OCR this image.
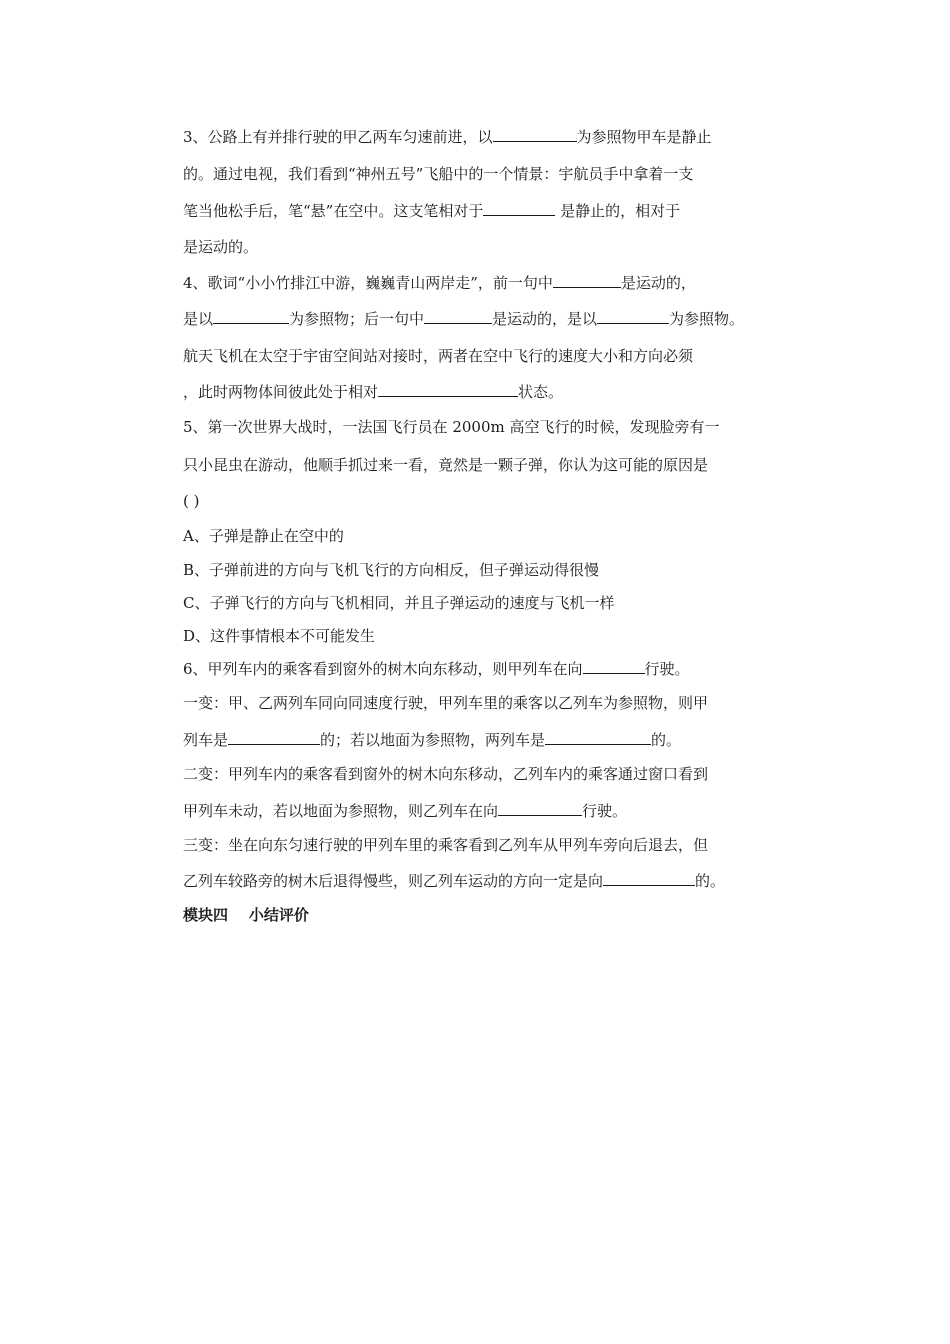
3、公路上有并排行驶的甲乙两车匀速前进，以	为参照物甲车是静止
的。通过电视，我们看到“神州五号”飞船中的一个情景：宇航员手中拿着一支
笔当他松手后，笔“悬”在空中。这支笔相对于	是静止的，相对于
是运动的。
4、歌词“小小竹排江中游，巍巍青山两岸走”，前一句中	是运动的，
是以	为参照物；后一句中	是运动的，是以	为参照物。
航天飞机在太空于宇宙空间站对接时，两者在空中飞行的速度大小和方向必须
，此时两物体间彼此处于相对	状态。
5、第一次世界大战时，一法国飞行员在 2000m 高空飞行的时候，发现脸旁有一
只小昆虫在游动，他顺手抓过来一看，竟然是一颗子弹，你认为这可能的原因是
( )
A、子弹是静止在空中的
B、子弹前进的方向与飞机飞行的方向相反，但子弹运动得很慢
C、子弹飞行的方向与飞机相同，并且子弹运动的速度与飞机一样
D、这件事情根本不可能发生
6、甲列车内的乘客看到窗外的树木向东移动，则甲列车在向	行驶。
一变：甲、乙两列车同向同速度行驶，甲列车里的乘客以乙列车为参照物，则甲
列车是	的；若以地面为参照物，两列车是	的。
二变：甲列车内的乘客看到窗外的树木向东移动，乙列车内的乘客通过窗口看到
甲列车未动，若以地面为参照物，则乙列车在向	行驶。
三变：坐在向东匀速行驶的甲列车里的乘客看到乙列车从甲列车旁向后退去，但
乙列车较路旁的树木后退得慢些，则乙列车运动的方向一定是向	的。
模块四    小结评价
